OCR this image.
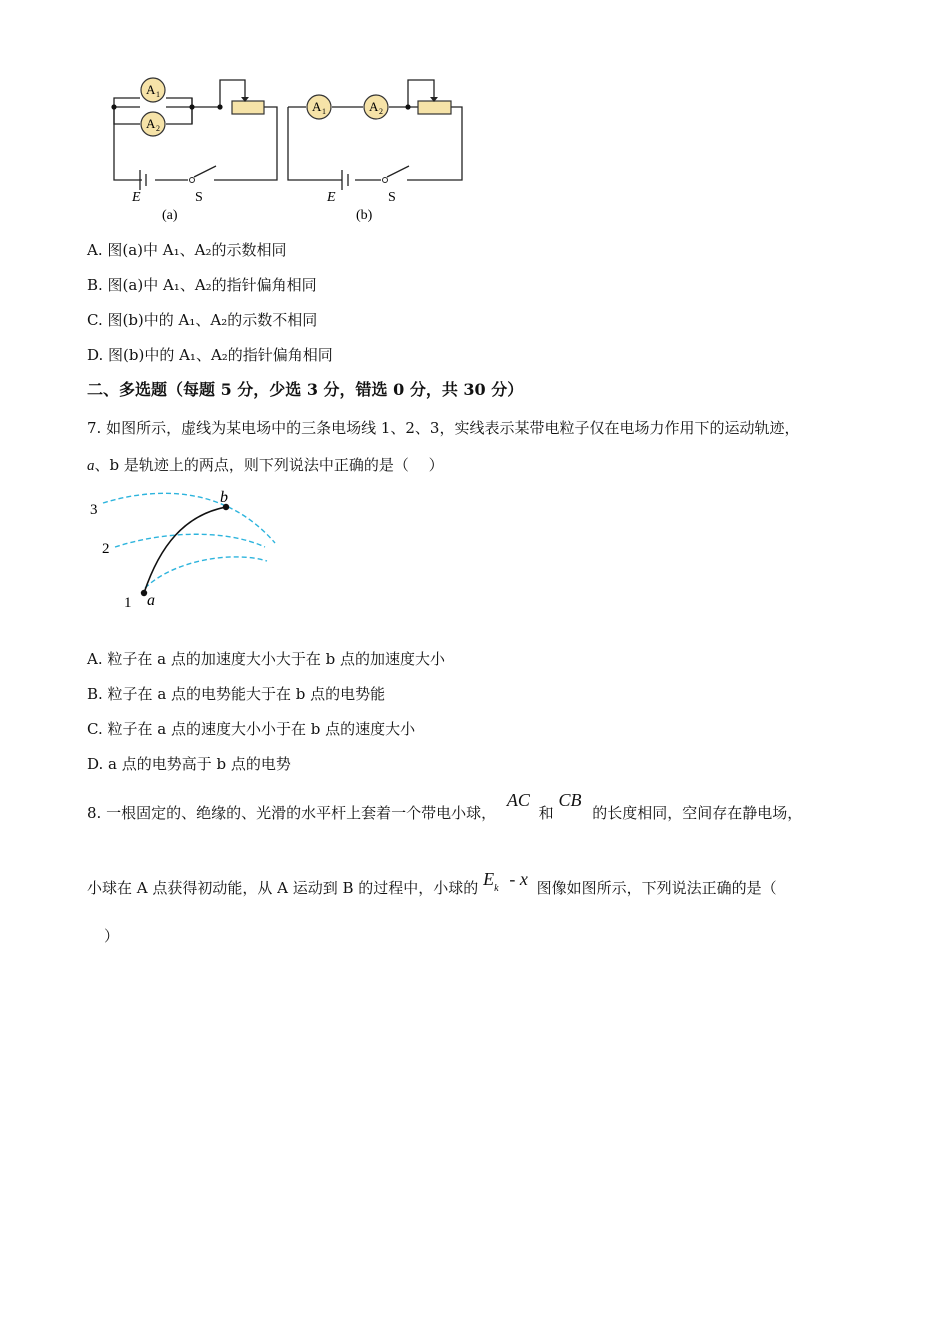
A 1
A 2
A 1	A 2
E	S
(a)
E	S
(b)
A. 图(a)中 A₁、A₂的示数相同
B. 图(a)中 A₁、A₂的指针偏角相同
C. 图(b)中的 A₁、A₂的示数不相同
D. 图(b)中的 A₁、A₂的指针偏角相同
二、多选题（每题 5 分，少选 3 分，错选 0 分，共 30 分）
7. 如图所示，虚线为某电场中的三条电场线 1、2、3，实线表示某带电粒子仅在电场力作用下的运动轨迹，
a、b 是轨迹上的两点，则下列说法中正确的是（　 ）
3
2
1 a
b
A. 粒子在 a 点的加速度大小大于在 b 点的加速度大小
B. 粒子在 a 点的电势能大于在 b 点的电势能
C. 粒子在 a 点的速度大小小于在 b 点的速度大小
D. a 点的电势高于 b 点的电势
8. 一根固定的、绝缘的、光滑的水平杆上套着一个带电小球， AC 和 CB 的长度相同，空间存在静电场，
小球在 A 点获得初动能，从 A 运动到 B 的过程中，小球的 Ek - x 图像如图所示，下列说法正确的是（
）
